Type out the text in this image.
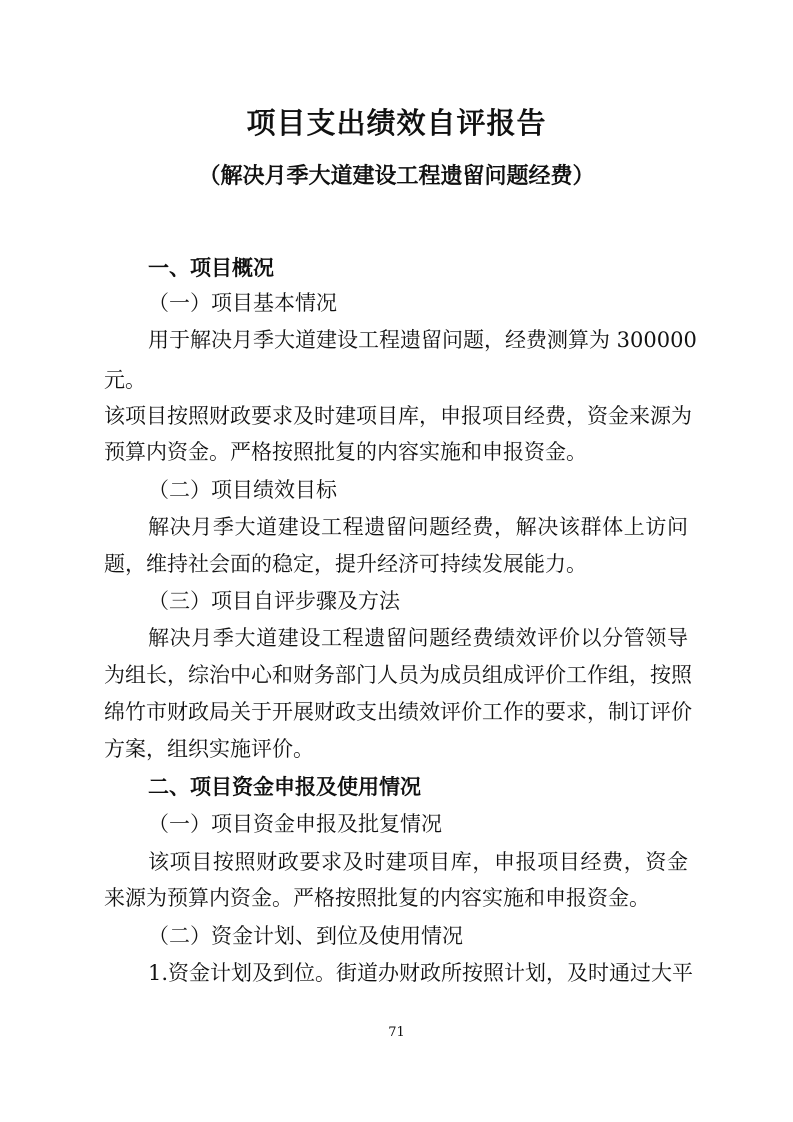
项目支出绩效自评报告
（解决月季大道建设工程遗留问题经费）
一、项目概况
（一）项目基本情况
用于解决月季大道建设工程遗留问题，经费测算为 300000
元。
该项目按照财政要求及时建项目库，申报项目经费，资金来源为
预算内资金。严格按照批复的内容实施和申报资金。
（二）项目绩效目标
解决月季大道建设工程遗留问题经费，解决该群体上访问
题，维持社会面的稳定，提升经济可持续发展能力。
（三）项目自评步骤及方法
解决月季大道建设工程遗留问题经费绩效评价以分管领导
为组长，综治中心和财务部门人员为成员组成评价工作组，按照
绵竹市财政局关于开展财政支出绩效评价工作的要求，制订评价
方案，组织实施评价。
二、项目资金申报及使用情况
（一）项目资金申报及批复情况
该项目按照财政要求及时建项目库，申报项目经费，资金
来源为预算内资金。严格按照批复的内容实施和申报资金。
（二）资金计划、到位及使用情况
1.资金计划及到位。街道办财政所按照计划，及时通过大平
71
